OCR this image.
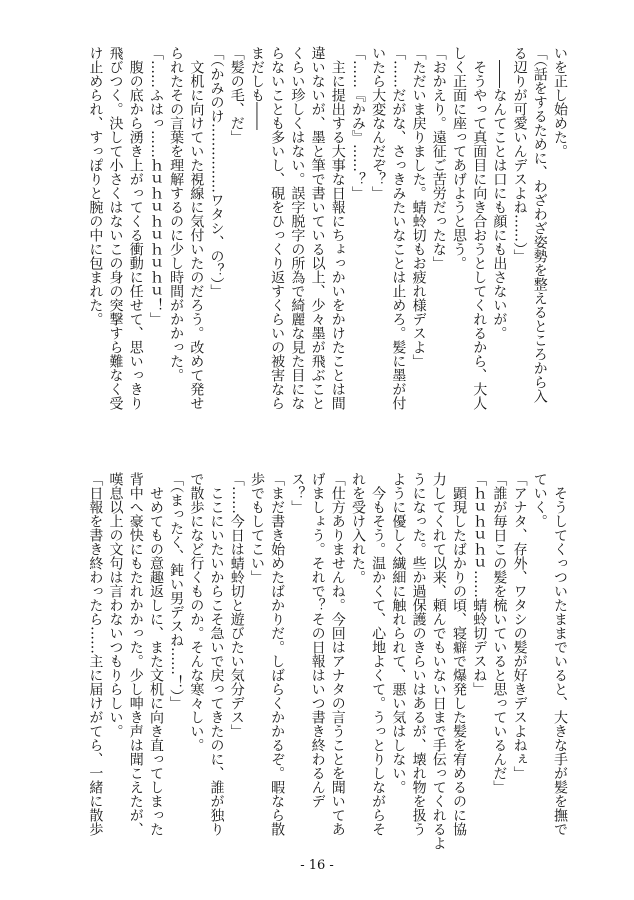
いを正し始めた。

「（話をするために、わざわざ姿勢を整えるところから入

る辺りが可愛いんデスよね……）」

　――なんてことは口にも顔にも出さないが。

　そうやって真面目に向き合おうとしてくれるから、大人

しく正面に座ってあげようと思う。

「おかえり。遠征ご苦労だったな」

「ただいま戻りました。蜻蛉切もお疲れ様デスよ」

「……だがな、さっきみたいなことは止めろ。髪に墨が付

いたら大変なんだぞ？」

「……『かみ』……？」

　主に提出する大事な日報にちょっかいをかけたことは間

違いないが、墨と筆で書いている以上、少々墨が飛ぶこと

くらい珍しくはない。誤字脱字の所為で綺麗な見た目にな

らないことも多いし、硯をひっくり返すくらいの被害なら

まだしも――

「髪の毛、だ」

「（かみのけ……………ワタシ、の？）」

　文机に向けていた視線に気付いたのだろう。改めて発せ

られたその言葉を理解するのに少し時間がかかった。

「……ふはっ……ｈｕｈｕｈｕｈｕｈｕ！」

　腹の底から湧き上がってくる衝動に任せて、思いっきり

飛びつく。決して小さくはないこの身の突撃すら難なく受

け止められ、すっぽりと腕の中に包まれた。

　そうしてくっついたままでいると、大きな手が髪を撫で

ていく。

「アナタ、存外、ワタシの髪が好きデスよねぇ」

「誰が毎日この髪を梳いていると思っているんだ」

「ｈｕｈｕｈｕ……蜻蛉切デスね」

　顕現したばかりの頃、寝癖で爆発した髪を宥めるのに協

力してくれて以来、頼んでもいない日まで手伝ってくれるよ

うになった。些か過保護のきらいはあるが、壊れ物を扱う

ように優しく繊細に触れられて、悪い気はしない。

　今もそう。温かくて、心地よくて。うっとりしながらそ

れを受け入れた。

「仕方ありませんね。今回はアナタの言うことを聞いてあ

げましょう。それで？その日報はいつ書き終わるんデ

ス？」

「まだ書き始めたばかりだ。しばらくかかるぞ。暇なら散

歩でもしてこい」

「……今日は蜻蛉切と遊びたい気分デス」

　ここにいたいからこそ急いで戻ってきたのに、誰が独り

で散歩になど行くものか。そんな寒々しい。

「（まったく、鈍い男デスね……！）」

　せめてもの意趣返しに、また文机に向き直ってしまった

背中へ豪快にもたれかかった。少し呻き声は聞こえたが、

嘆息以上の文句は言わないつもりらしい。

「日報を書き終わったら……主に届けがてら、一緒に散歩

- 16 -
